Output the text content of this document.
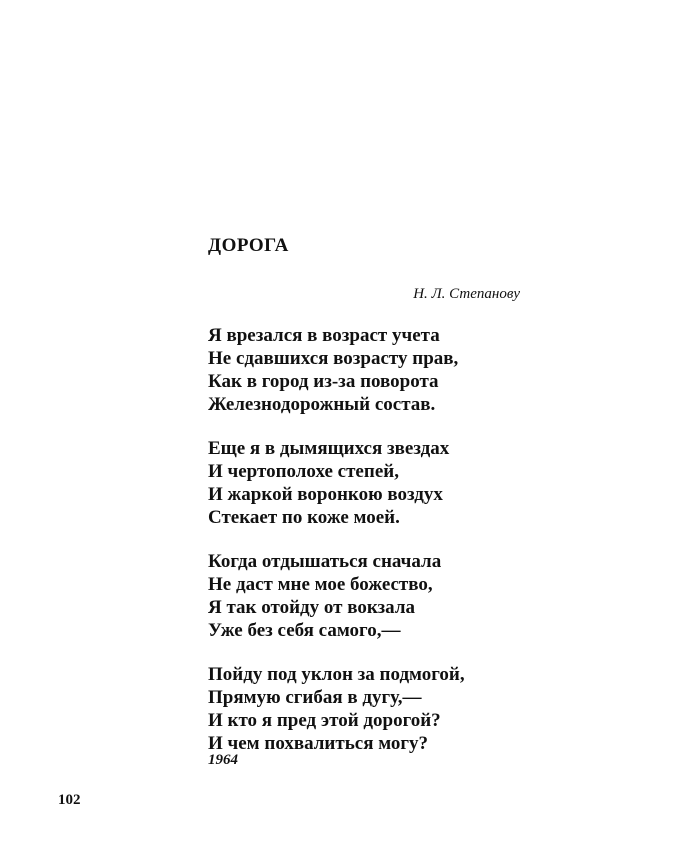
ДОРОГА
Н. Л. Степанову
Я врезался в возраст учета
Не сдавшихся возрасту прав,
Как в город из-за поворота
Железнодорожный состав.
Еще я в дымящихся звездах
И чертополохе степей,
И жаркой воронкою воздух
Стекает по коже моей.
Когда отдышаться сначала
Не даст мне мое божество,
Я так отойду от вокзала
Уже без себя самого,—
Пойду под уклон за подмогой,
Прямую сгибая в дугу,—
И кто я пред этой дорогой?
И чем похвалиться могу?
1964
102
